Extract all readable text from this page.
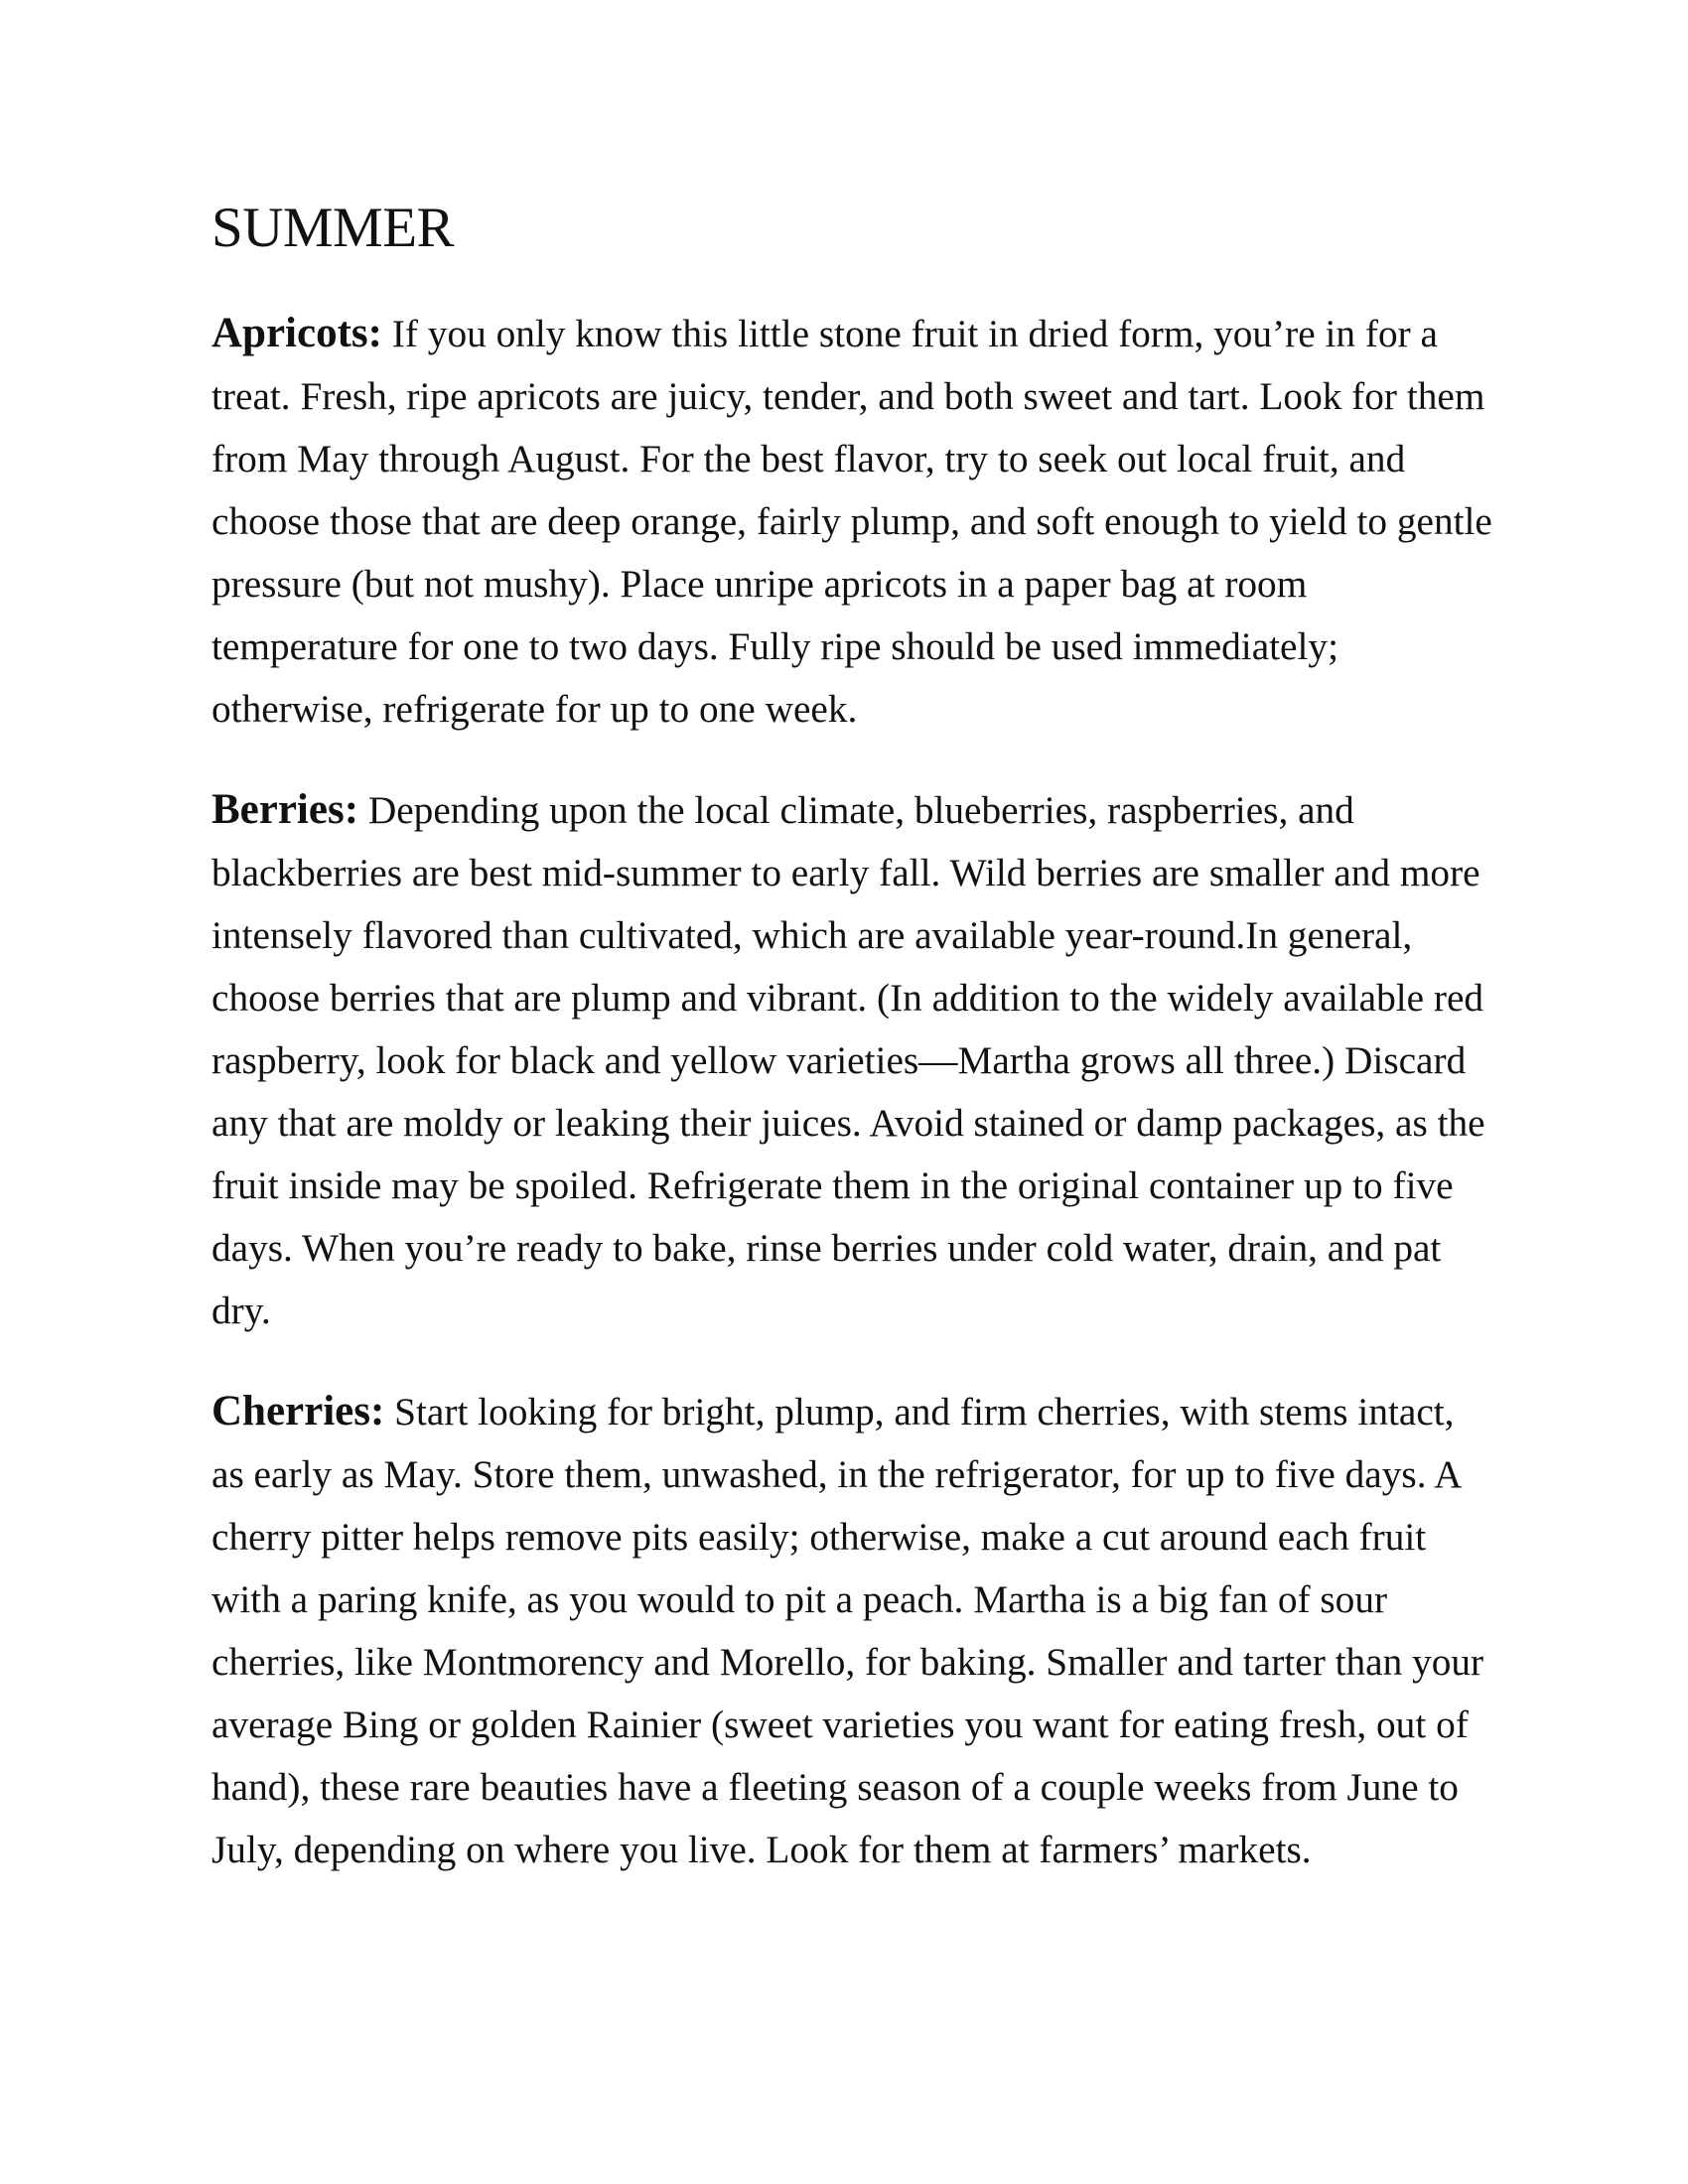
SUMMER

Apricots: If you only know this little stone fruit in dried form, you’re in for a treat. Fresh, ripe apricots are juicy, tender, and both sweet and tart. Look for them from May through August. For the best flavor, try to seek out local fruit, and choose those that are deep orange, fairly plump, and soft enough to yield to gentle pressure (but not mushy). Place unripe apricots in a paper bag at room temperature for one to two days. Fully ripe should be used immediately; otherwise, refrigerate for up to one week.

Berries: Depending upon the local climate, blueberries, raspberries, and blackberries are best mid-summer to early fall. Wild berries are smaller and more intensely flavored than cultivated, which are available year-round.In general, choose berries that are plump and vibrant. (In addition to the widely available red raspberry, look for black and yellow varieties—Martha grows all three.) Discard any that are moldy or leaking their juices. Avoid stained or damp packages, as the fruit inside may be spoiled. Refrigerate them in the original container up to five days. When you’re ready to bake, rinse berries under cold water, drain, and pat dry.

Cherries: Start looking for bright, plump, and firm cherries, with stems intact, as early as May. Store them, unwashed, in the refrigerator, for up to five days. A cherry pitter helps remove pits easily; otherwise, make a cut around each fruit with a paring knife, as you would to pit a peach. Martha is a big fan of sour cherries, like Montmorency and Morello, for baking. Smaller and tarter than your average Bing or golden Rainier (sweet varieties you want for eating fresh, out of hand), these rare beauties have a fleeting season of a couple weeks from June to July, depending on where you live. Look for them at farmers’ markets.
